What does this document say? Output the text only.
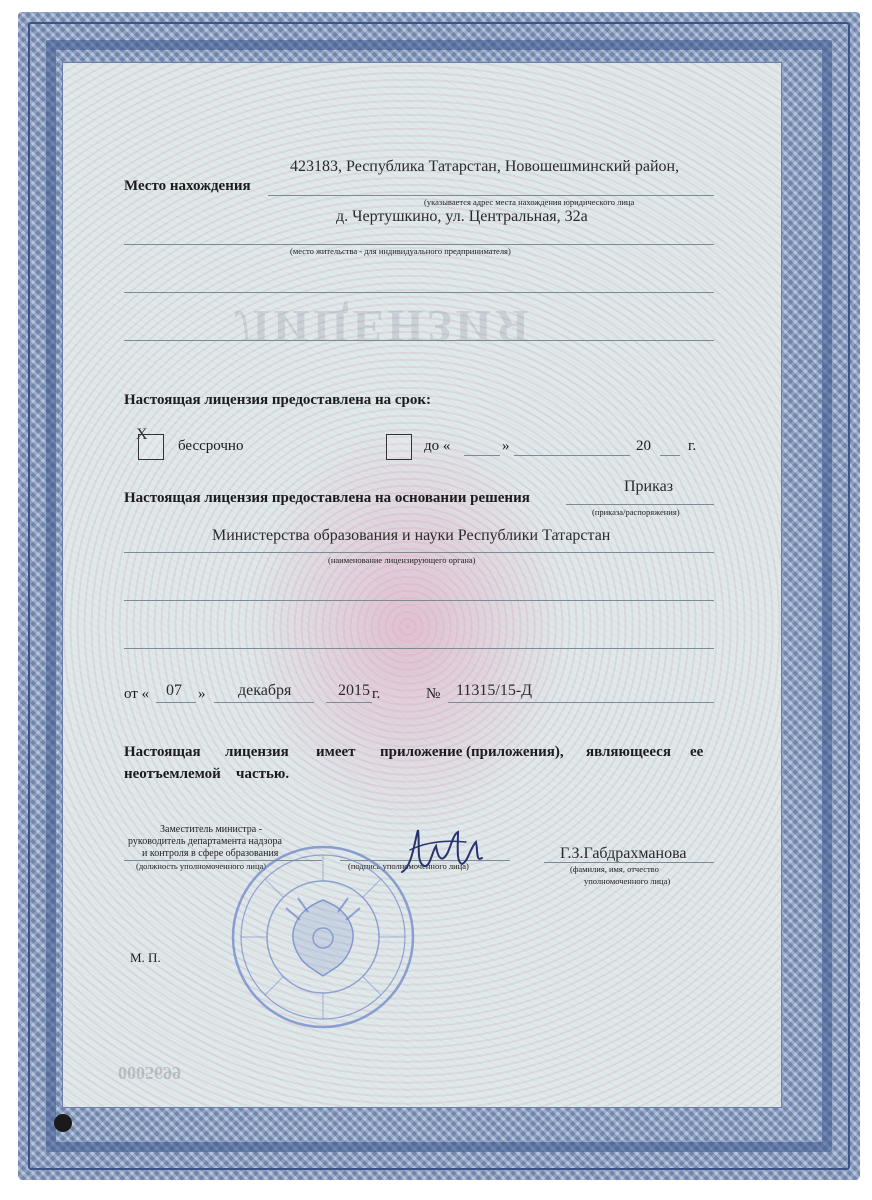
ЛИЦЕНЗИЯ
0005699
423183, Республика Татарстан, Новошешминский район,
Место нахождения
(указывается адрес места нахождения юридического лица
д. Чертушкино, ул. Центральная, 32а
(место жительства - для индивидуального предпринимателя)
Настоящая лицензия предоставлена на срок:
Х
бессрочно	до «	»	20 г.
Настоящая лицензия предоставлена на основании решения
Приказ
(приказа/распоряжения)
Министерства образования и науки Республики Татарстан
(наименование лицензирующего органа)
от « 07 » декабря	2015 г.	№ 11315/15-Д
Настоящая лицензия имеет приложение (приложения), являющееся ее
неотъемлемой частью.
Заместитель министра -
руководитель департамента надзора
и контроля в сфере образования
(должность уполномоченного лица)	(подпись уполномоченного лица)
Г.З.Габдрахманова
(фамилия, имя, отчество
уполномоченного лица)
М. П.
